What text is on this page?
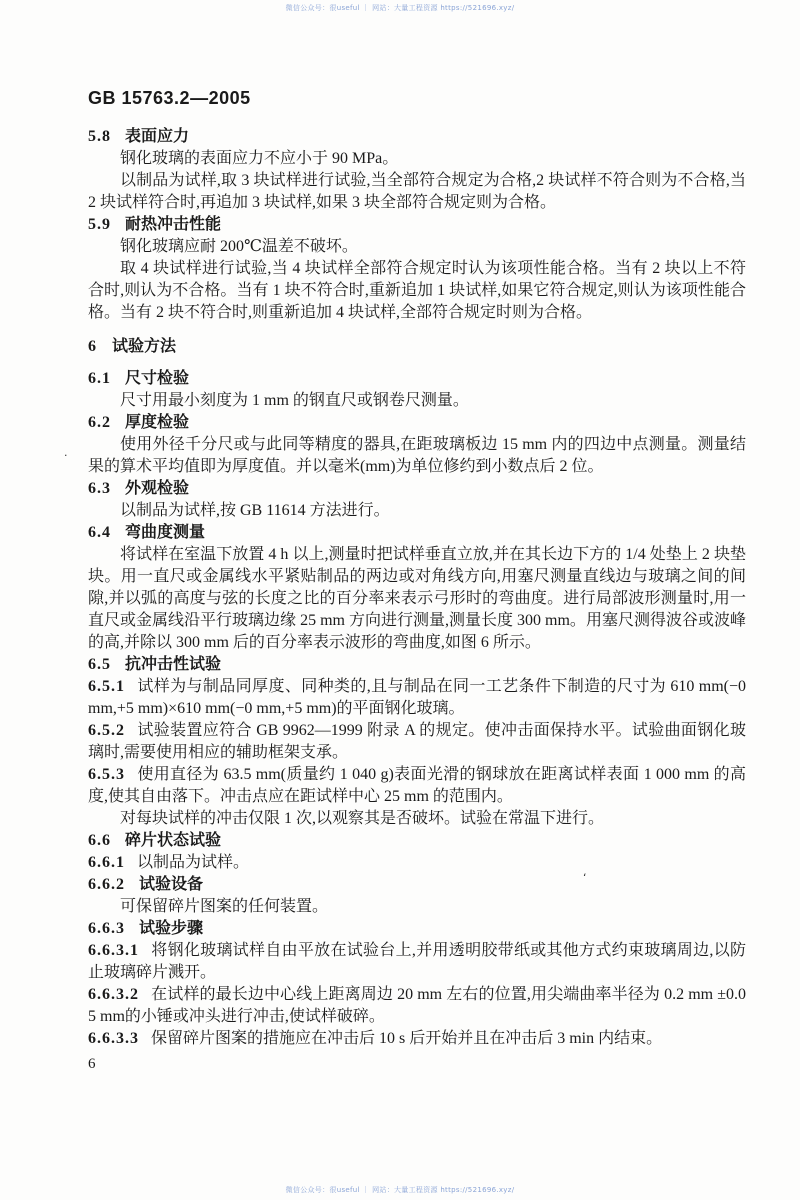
微信公众号：很useful ｜ 网站：大量工程资源 https://521696.xyz/
GB 15763.2—2005
5.8 表面应力
钢化玻璃的表面应力不应小于 90 MPa。
以制品为试样,取 3 块试样进行试验,当全部符合规定为合格,2 块试样不符合则为不合格,当 2 块试样符合时,再追加 3 块试样,如果 3 块全部符合规定则为合格。
5.9 耐热冲击性能
钢化玻璃应耐 200℃温差不破坏。
取 4 块试样进行试验,当 4 块试样全部符合规定时认为该项性能合格。当有 2 块以上不符合时,则认为不合格。当有 1 块不符合时,重新追加 1 块试样,如果它符合规定,则认为该项性能合格。当有 2 块不符合时,则重新追加 4 块试样,全部符合规定时则为合格。
6 试验方法
6.1 尺寸检验
尺寸用最小刻度为 1 mm 的钢直尺或钢卷尺测量。
6.2 厚度检验
使用外径千分尺或与此同等精度的器具,在距玻璃板边 15 mm 内的四边中点测量。测量结果的算术平均值即为厚度值。并以毫米(mm)为单位修约到小数点后 2 位。
6.3 外观检验
以制品为试样,按 GB 11614 方法进行。
6.4 弯曲度测量
将试样在室温下放置 4 h 以上,测量时把试样垂直立放,并在其长边下方的 1/4 处垫上 2 块垫块。用一直尺或金属线水平紧贴制品的两边或对角线方向,用塞尺测量直线边与玻璃之间的间隙,并以弧的高度与弦的长度之比的百分率来表示弓形时的弯曲度。进行局部波形测量时,用一直尺或金属线沿平行玻璃边缘 25 mm 方向进行测量,测量长度 300 mm。用塞尺测得波谷或波峰的高,并除以 300 mm 后的百分率表示波形的弯曲度,如图 6 所示。
6.5 抗冲击性试验
6.5.1 试样为与制品同厚度、同种类的,且与制品在同一工艺条件下制造的尺寸为 610 mm(−0 mm,+5 mm)×610 mm(−0 mm,+5 mm)的平面钢化玻璃。
6.5.2 试验装置应符合 GB 9962—1999 附录 A 的规定。使冲击面保持水平。试验曲面钢化玻璃时,需要使用相应的辅助框架支承。
6.5.3 使用直径为 63.5 mm(质量约 1 040 g)表面光滑的钢球放在距离试样表面 1 000 mm 的高度,使其自由落下。冲击点应在距试样中心 25 mm 的范围内。
对每块试样的冲击仅限 1 次,以观察其是否破坏。试验在常温下进行。
6.6 碎片状态试验
6.6.1 以制品为试样。
6.6.2 试验设备
可保留碎片图案的任何装置。
6.6.3 试验步骤
6.6.3.1 将钢化玻璃试样自由平放在试验台上,并用透明胶带纸或其他方式约束玻璃周边,以防止玻璃碎片溅开。
6.6.3.2 在试样的最长边中心线上距离周边 20 mm 左右的位置,用尖端曲率半径为 0.2 mm ±0.05 mm的小锤或冲头进行冲击,使试样破碎。
6.6.3.3 保留碎片图案的措施应在冲击后 10 s 后开始并且在冲击后 3 min 内结束。
6
微信公众号：很useful ｜ 网站：大量工程资源 https://521696.xyz/
ʻ
·
